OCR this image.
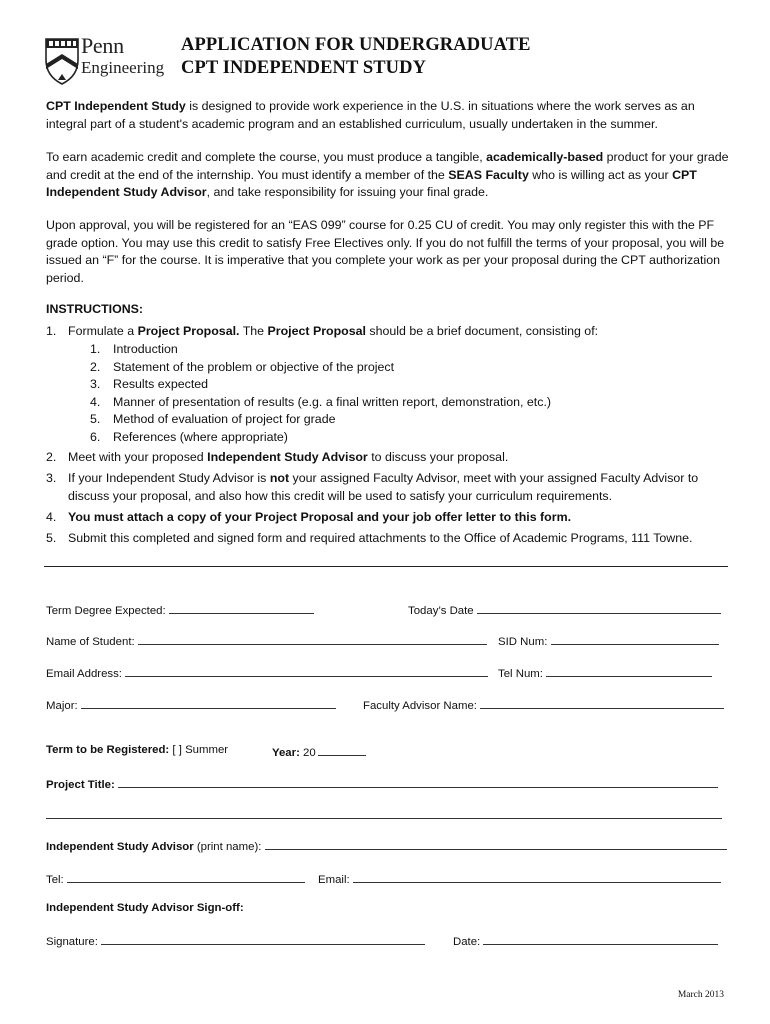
Penn
Engineering
APPLICATION FOR UNDERGRADUATE
CPT INDEPENDENT STUDY
CPT Independent Study is designed to provide work experience in the U.S. in situations where the work serves as an integral part of a student's academic program and an established curriculum, usually undertaken in the summer.
To earn academic credit and complete the course, you must produce a tangible, academically-based product for your grade and credit at the end of the internship. You must identify a member of the SEAS Faculty who is willing act as your CPT Independent Study Advisor, and take responsibility for issuing your final grade.
Upon approval, you will be registered for an “EAS 099” course for 0.25 CU of credit. You may only register this with the PF grade option. You may use this credit to satisfy Free Electives only. If you do not fulfill the terms of your proposal, you will be issued an “F” for the course. It is imperative that you complete your work as per your proposal during the CPT authorization period.
INSTRUCTIONS:
1. Formulate a Project Proposal. The Project Proposal should be a brief document, consisting of:
1. Introduction
2. Statement of the problem or objective of the project
3. Results expected
4. Manner of presentation of results (e.g. a final written report, demonstration, etc.)
5. Method of evaluation of project for grade
6. References (where appropriate)
2. Meet with your proposed Independent Study Advisor to discuss your proposal.
3. If your Independent Study Advisor is not your assigned Faculty Advisor, meet with your assigned Faculty Advisor to discuss your proposal, and also how this credit will be used to satisfy your curriculum requirements.
4. You must attach a copy of your Project Proposal and your job offer letter to this form.
5. Submit this completed and signed form and required attachments to the Office of Academic Programs, 111 Towne.
Term Degree Expected:	Today’s Date
Name of Student:	SID Num:
Email Address:	Tel Num:
Major:	Faculty Advisor Name:
Term to be Registered: [ ] Summer	Year: 20
Project Title:
Independent Study Advisor (print name):
Tel:	Email:
Independent Study Advisor Sign-off:
Signature:	Date:
March 2013
